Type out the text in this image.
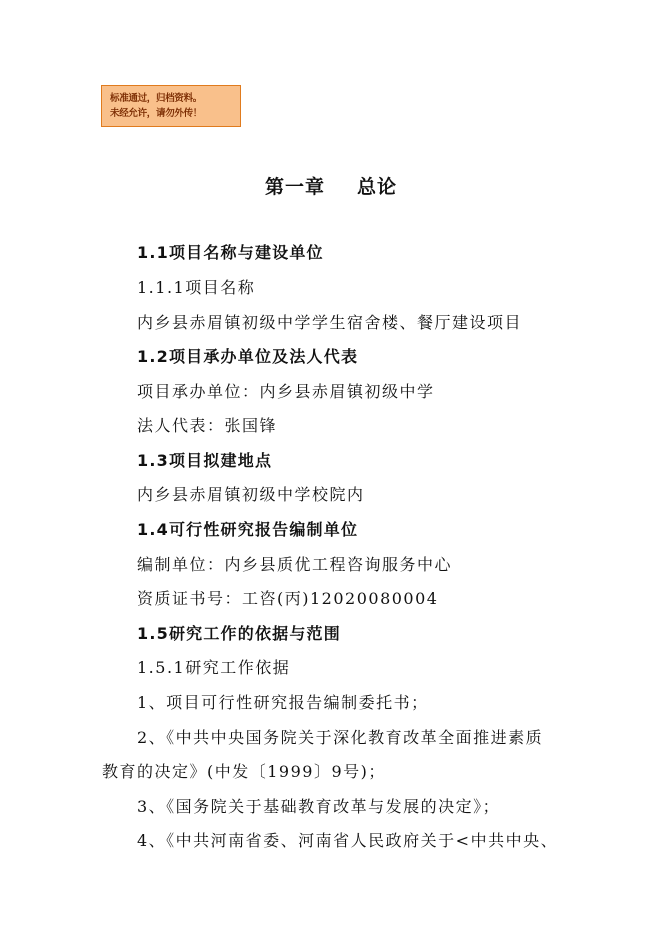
标准通过，归档资料。
未经允许，请勿外传！
第一章 总论
1.1项目名称与建设单位
1.1.1项目名称
内乡县赤眉镇初级中学学生宿舍楼、餐厅建设项目
1.2项目承办单位及法人代表
项目承办单位：内乡县赤眉镇初级中学
法人代表：张国锋
1.3项目拟建地点
内乡县赤眉镇初级中学校院内
1.4可行性研究报告编制单位
编制单位：内乡县质优工程咨询服务中心
资质证书号：工咨(丙)12020080004
1.5研究工作的依据与范围
1.5.1研究工作依据
1、项目可行性研究报告编制委托书；
2、《中共中央国务院关于深化教育改革全面推进素质
教育的决定》(中发〔1999〕9号)；
3、《国务院关于基础教育改革与发展的决定》；
4、《中共河南省委、河南省人民政府关于<中共中央、
